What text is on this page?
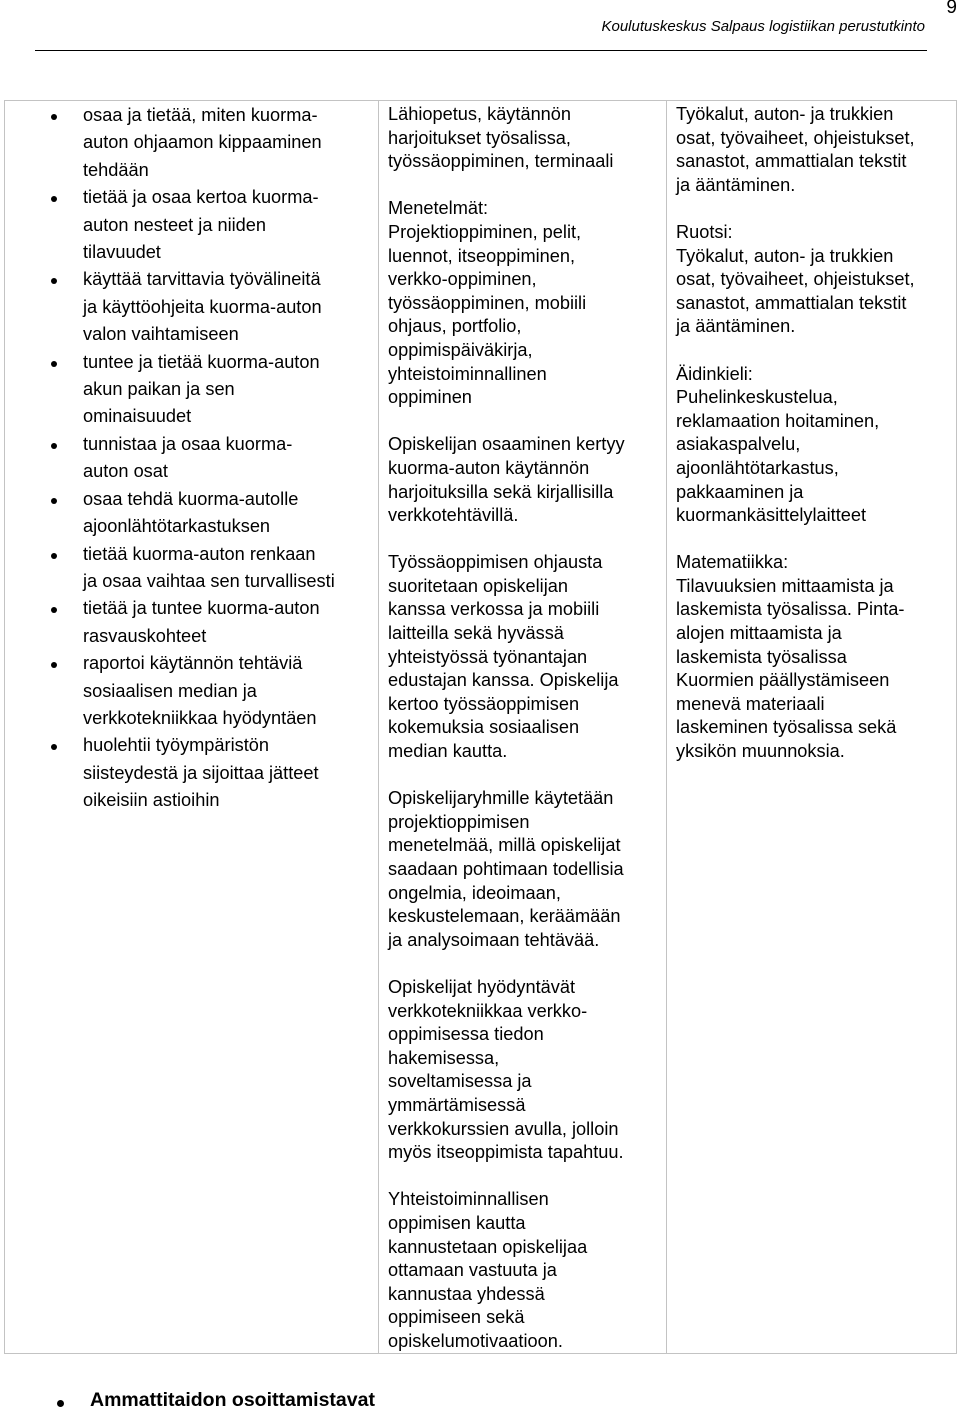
9
Koulutuskeskus Salpaus logistiikan perustutkinto
osaa ja tietää, miten kuorma-
auton ohjaamon kippaaminen
tehdään
tietää ja osaa kertoa kuorma-
auton nesteet ja niiden
tilavuudet
käyttää tarvittavia työvälineitä
ja käyttöohjeita kuorma-auton
valon vaihtamiseen
tuntee ja tietää kuorma-auton
akun paikan ja sen
ominaisuudet
tunnistaa ja osaa kuorma-
auton osat
osaa tehdä kuorma-autolle
ajoonlähtötarkastuksen
tietää kuorma-auton renkaan
ja osaa vaihtaa sen turvallisesti
tietää ja tuntee kuorma-auton
rasvauskohteet
raportoi käytännön tehtäviä
sosiaalisen median ja
verkkotekniikkaa hyödyntäen
huolehtii työympäristön
siisteydestä ja sijoittaa jätteet
oikeisiin astioihin

Lähiopetus, käytännön
harjoitukset työsalissa,
työssäoppiminen, terminaali

Menetelmät:
Projektioppiminen, pelit,
luennot, itseoppiminen,
verkko-oppiminen,
työssäoppiminen, mobiili
ohjaus, portfolio,
oppimispäiväkirja,
yhteistoiminnallinen
oppiminen

Opiskelijan osaaminen kertyy
kuorma-auton käytännön
harjoituksilla sekä kirjallisilla
verkkotehtävillä.

Työssäoppimisen ohjausta
suoritetaan opiskelijan
kanssa verkossa ja mobiili
laitteilla sekä hyvässä
yhteistyössä työnantajan
edustajan kanssa. Opiskelija
kertoo työssäoppimisen
kokemuksia sosiaalisen
median kautta.

Opiskelijaryhmille käytetään
projektioppimisen
menetelmää, millä opiskelijat
saadaan pohtimaan todellisia
ongelmia, ideoimaan,
keskustelemaan, keräämään
ja analysoimaan tehtävää.

Opiskelijat hyödyntävät
verkkotekniikkaa verkko-
oppimisessa tiedon
hakemisessa,
soveltamisessa ja
ymmärtämisessä
verkkokurssien avulla, jolloin
myös itseoppimista tapahtuu.

Yhteistoiminnallisen
oppimisen kautta
kannustetaan opiskelijaa
ottamaan vastuuta ja
kannustaa yhdessä
oppimiseen sekä
opiskelumotivaatioon.

Työkalut, auton- ja trukkien
osat, työvaiheet, ohjeistukset,
sanastot, ammattialan tekstit
ja ääntäminen.

Ruotsi:
Työkalut, auton- ja trukkien
osat, työvaiheet, ohjeistukset,
sanastot, ammattialan tekstit
ja ääntäminen.

Äidinkieli:
Puhelinkeskustelua,
reklamaation hoitaminen,
asiakaspalvelu,
ajoonlähtötarkastus,
pakkaaminen ja
kuormankäsittelylaitteet

Matematiikka:
Tilavuuksien mittaamista ja
laskemista työsalissa. Pinta-
alojen mittaamista ja
laskemista työsalissa
Kuormien päällystämiseen
menevä materiaali
laskeminen työsalissa sekä
yksikön muunnoksia.

Ammattitaidon osoittamistavat
